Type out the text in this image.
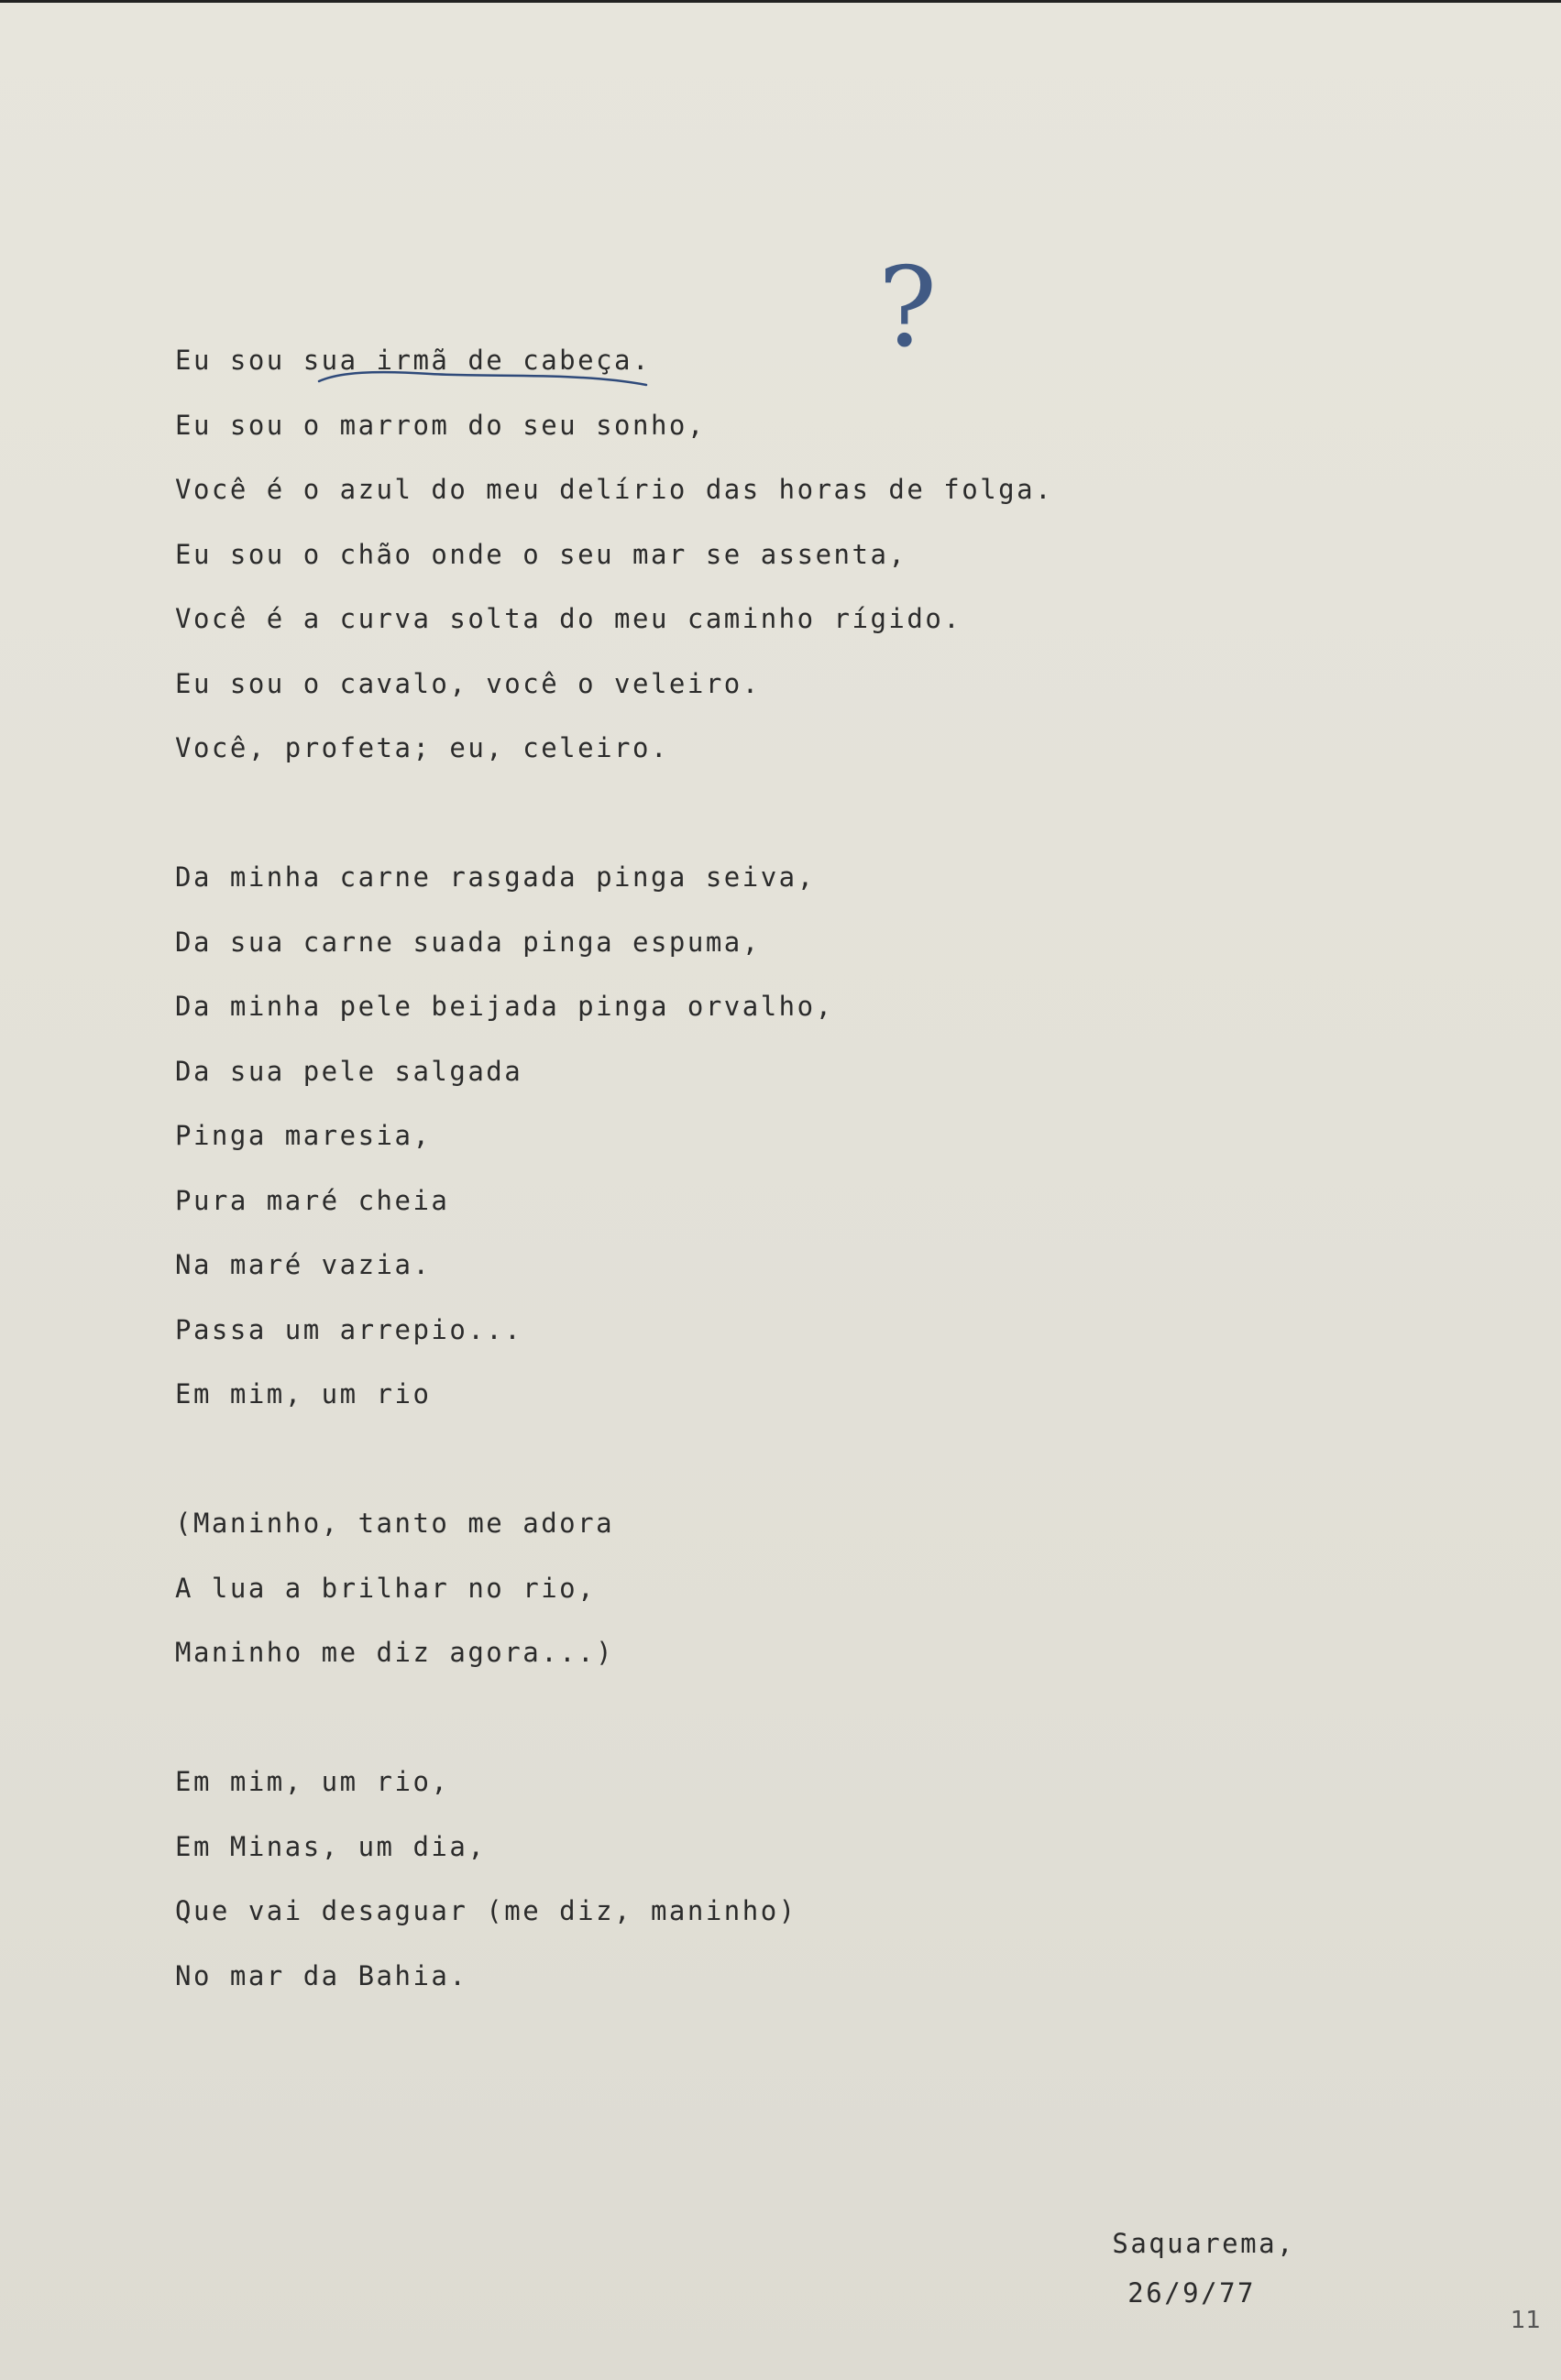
Eu sou sua irmã de cabeça.
Eu sou o marrom do seu sonho,
Você é o azul do meu delírio das horas de folga.
Eu sou o chão onde o seu mar se assenta,
Você é a curva solta do meu caminho rígido.
Eu sou o cavalo, você o veleiro.
Você, profeta; eu, celeiro.
Da minha carne rasgada pinga seiva,
Da sua carne suada pinga espuma,
Da minha pele beijada pinga orvalho,
Da sua pele salgada
Pinga maresia,
Pura maré cheia
Na maré vazia.
Passa um arrepio...
Em mim, um rio
(Maninho, tanto me adora
A lua a brilhar no rio,
Maninho me diz agora...)
Em mim, um rio,
Em Minas, um dia,
Que vai desaguar (me diz, maninho)
No mar da Bahia.
?
Saquarema,
26/9/77
11
